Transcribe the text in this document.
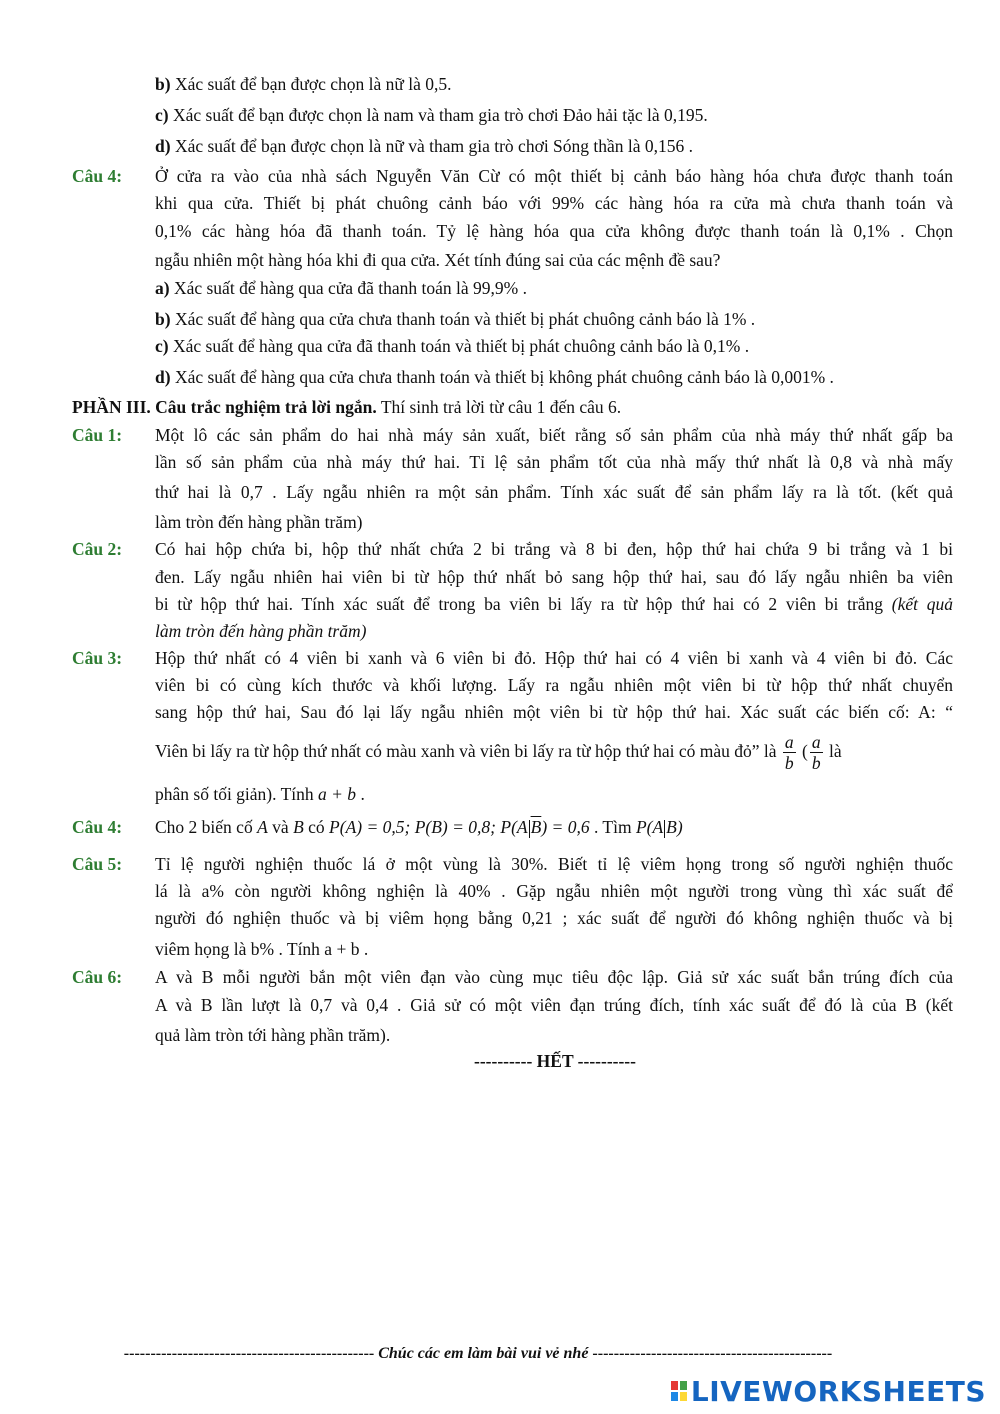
b) Xác suất để bạn được chọn là nữ là 0,5.
c) Xác suất để bạn được chọn là nam và tham gia trò chơi Đảo hải tặc là 0,195.
d) Xác suất để bạn được chọn là nữ và tham gia trò chơi Sóng thần là 0,156 .
Câu 4: Ở cửa ra vào của nhà sách Nguyễn Văn Cừ có một thiết bị cảnh báo hàng hóa chưa được thanh toán
khi qua cửa. Thiết bị phát chuông cảnh báo với 99% các hàng hóa ra cửa mà chưa thanh toán và
0,1% các hàng hóa đã thanh toán. Tỷ lệ hàng hóa qua cửa không được thanh toán là 0,1% . Chọn
ngẫu nhiên một hàng hóa khi đi qua cửa. Xét tính đúng sai của các mệnh đề sau?
a) Xác suất để hàng qua cửa đã thanh toán là 99,9% .
b) Xác suất để hàng qua cửa chưa thanh toán và thiết bị phát chuông cảnh báo là 1% .
c) Xác suất để hàng qua cửa đã thanh toán và thiết bị phát chuông cảnh báo là 0,1% .
d) Xác suất để hàng qua cửa chưa thanh toán và thiết bị không phát chuông cảnh báo là 0,001% .
PHẦN III. Câu trắc nghiệm trả lời ngắn. Thí sinh trả lời từ câu 1 đến câu 6.
Câu 1: Một lô các sản phẩm do hai nhà máy sản xuất, biết rằng số sản phẩm của nhà máy thứ nhất gấp ba
lần số sản phẩm của nhà máy thứ hai. Tỉ lệ sản phẩm tốt của nhà mấy thứ nhất là 0,8 và nhà mấy
thứ hai là 0,7 . Lấy ngẫu nhiên ra một sản phẩm. Tính xác suất để sản phẩm lấy ra là tốt. (kết quả
làm tròn đến hàng phần trăm)
Câu 2: Có hai hộp chứa bi, hộp thứ nhất chứa 2 bi trắng và 8 bi đen, hộp thứ hai chứa 9 bi trắng và 1 bi
đen. Lấy ngẫu nhiên hai viên bi từ hộp thứ nhất bỏ sang hộp thứ hai, sau đó lấy ngẫu nhiên ba viên
bi từ hộp thứ hai. Tính xác suất để trong ba viên bi lấy ra từ hộp thứ hai có 2 viên bi trắng (kết quả
làm tròn đến hàng phần trăm)
Câu 3: Hộp thứ nhất có 4 viên bi xanh và 6 viên bi đỏ. Hộp thứ hai có 4 viên bi xanh và 4 viên bi đỏ. Các
viên bi có cùng kích thước và khối lượng. Lấy ra ngẫu nhiên một viên bi từ hộp thứ nhất chuyển
sang hộp thứ hai, Sau đó lại lấy ngẫu nhiên một viên bi từ hộp thứ hai. Xác suất các biến cố: A: “
Viên bi lấy ra từ hộp thứ nhất có màu xanh và viên bi lấy ra từ hộp thứ hai có màu đỏ” là $\frac{a}{b}$ ( $\frac{a}{b}$ là
phân số tối giản). Tính a + b .
Câu 4: Cho 2 biến cố A và B có P(A) = 0,5; P(B) = 0,8; P(A $\overline{B}) = 0,6$ . Tìm P(A B)
Câu 5: Tỉ lệ người nghiện thuốc lá ở một vùng là 30%. Biết tỉ lệ viêm họng trong số người nghiện thuốc
lá là a% còn người không nghiện là 40% . Gặp ngẫu nhiên một người trong vùng thì xác suất để
người đó nghiện thuốc và bị viêm họng bằng 0,21 ; xác suất để người đó không nghiện thuốc và bị
viêm họng là b% . Tính a + b .
Câu 6: A và B mỗi người bắn một viên đạn vào cùng mục tiêu độc lập. Giả sử xác suất bắn trúng đích của
A và B lần lượt là 0,7 và 0,4 . Giả sử có một viên đạn trúng đích, tính xác suất để đó là của B (kết
quả làm tròn tới hàng phần trăm).
---------- HẾT ----------
----------------------------------------------- Chúc các em làm bài vui vẻ nhé ---------------------------------------------
LIVEWORKSHEETS
